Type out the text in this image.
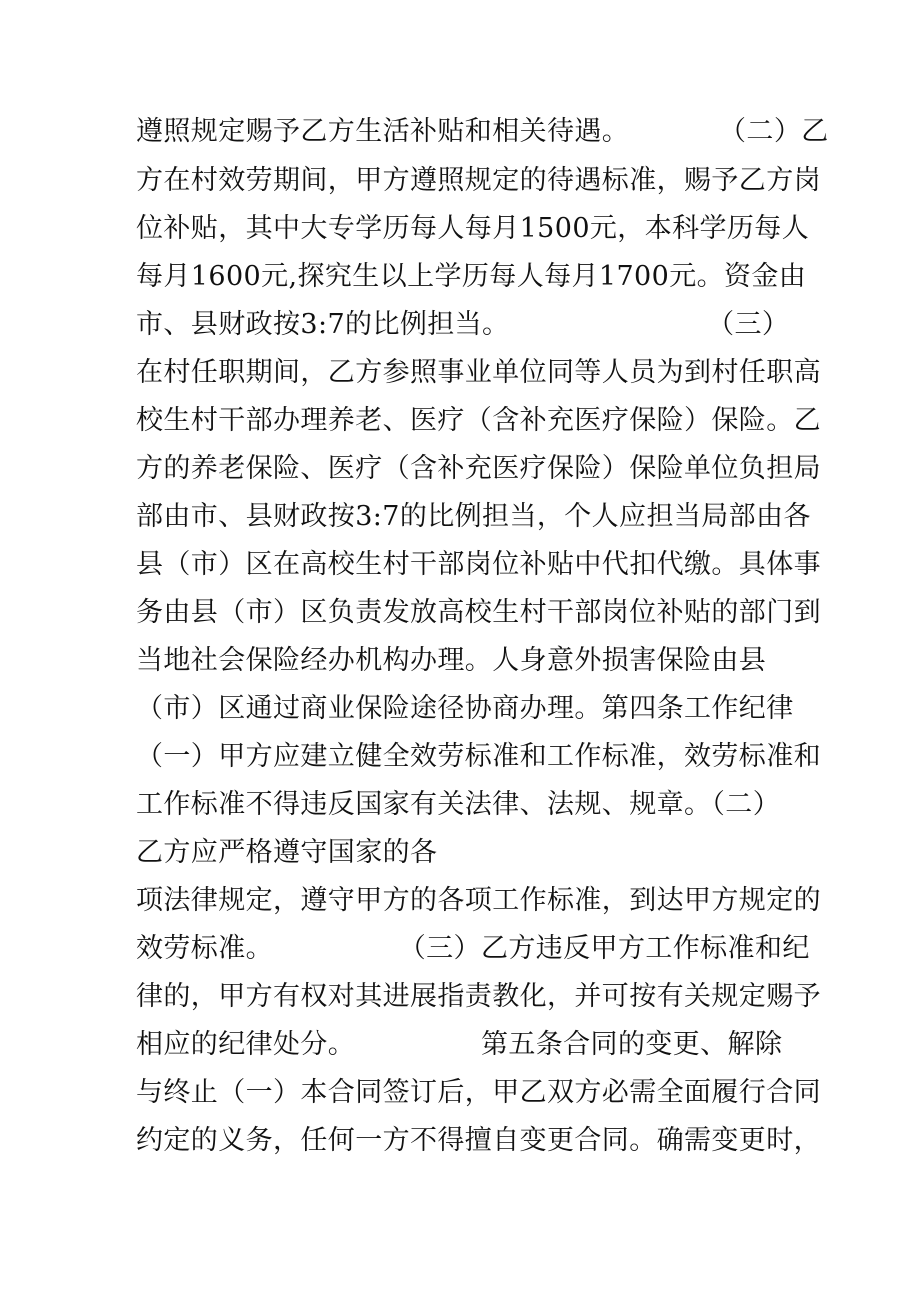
遵照规定赐予乙方生活补贴和相关待遇。          （二）乙
方在村效劳期间，甲方遵照规定的待遇标准，赐予乙方岗
位补贴，其中大专学历每人每月1500元，本科学历每人
每月1600元,探究生以上学历每人每月1700元。资金由
市、县财政按3:7的比例担当。                      （三）
在村任职期间，乙方参照事业单位同等人员为到村任职高
校生村干部办理养老、医疗（含补充医疗保险）保险。乙
方的养老保险、医疗（含补充医疗保险）保险单位负担局
部由市、县财政按3:7的比例担当，个人应担当局部由各
县（市）区在高校生村干部岗位补贴中代扣代缴。具体事
务由县（市）区负责发放高校生村干部岗位补贴的部门到
当地社会保险经办机构办理。人身意外损害保险由县
（市）区通过商业保险途径协商办理。第四条工作纪律
（一）甲方应建立健全效劳标准和工作标准，效劳标准和
工作标准不得违反国家有关法律、法规、规章。（二）
乙方应严格遵守国家的各
项法律规定，遵守甲方的各项工作标准，到达甲方规定的
效劳标准。              （三）乙方违反甲方工作标准和纪
律的，甲方有权对其进展指责教化，并可按有关规定赐予
相应的纪律处分。              第五条合同的变更、解除
与终止（一）本合同签订后，甲乙双方必需全面履行合同
约定的义务，任何一方不得擅自变更合同。确需变更时，
